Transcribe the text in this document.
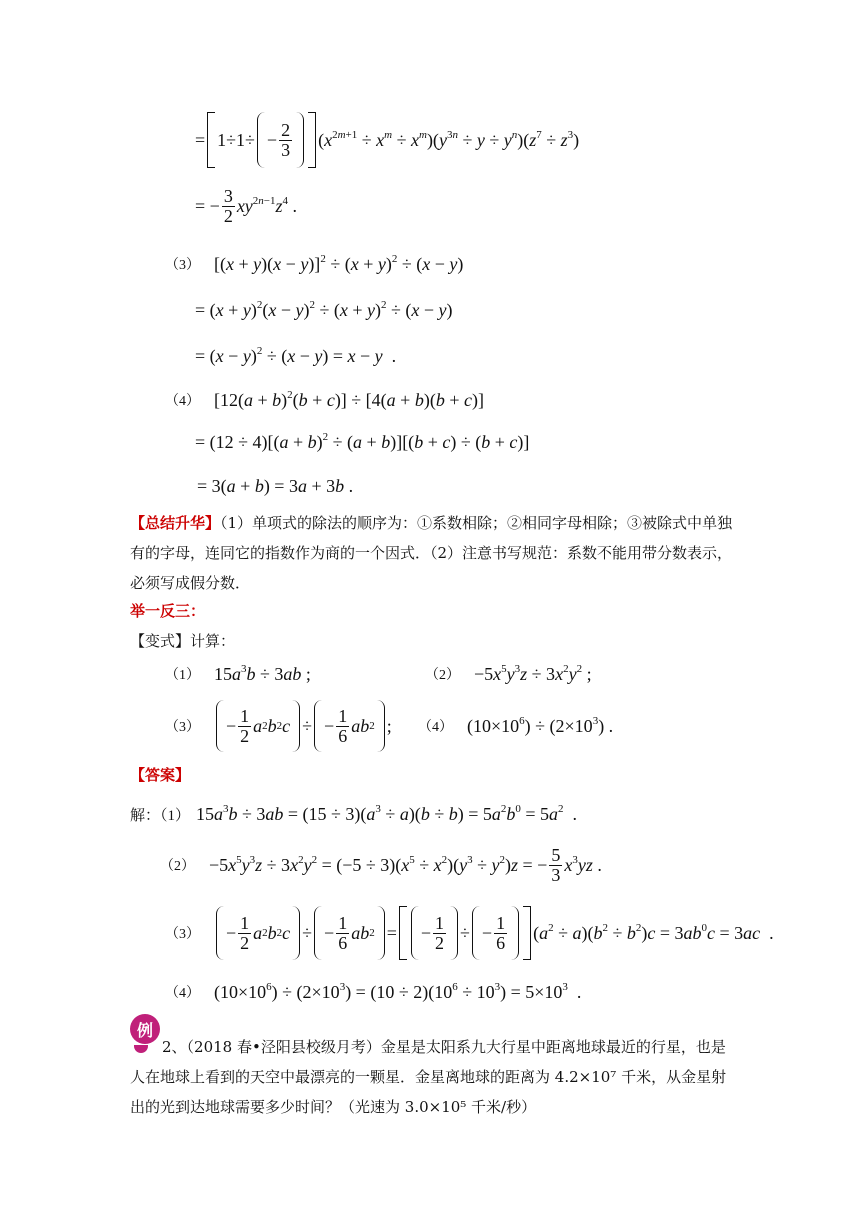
= $1\div 1\div - \frac{2}{3} (x^{2m+1} \div x^m \div x^m)(y^{3n} \div y \div y^n)(z^7 \div z^3)$
= − $\frac{3}{2} xy^{2n-1}z^4$ .
（3） $[(x + y)(x - y)]^2 \div (x + y)^2 \div (x - y)$
= $(x + y)^2(x - y)^2 \div (x + y)^2 \div (x - y)$
= $(x - y)^2 \div (x - y) = x - y$  .
（4） $[12(a + b)^2(b + c)] \div [4(a + b)(b + c)]$
= $(12 \div 4)[(a + b)^2 \div (a + b)][(b + c) \div (b + c)]$
= 3(a + b) = 3a + 3b .
【总结升华】（1）单项式的除法的顺序为：①系数相除；②相同字母相除；③被除式中单独
有的字母，连同它的指数作为商的一个因式．（2）注意书写规范：系数不能用带分数表示，
必须写成假分数．
举一反三：
【变式】计算：
（1） $15a^3b \div 3ab$ ;	$(2) -5x^5y^3z \div 3x^2y^2$ ;
$(3) - \frac{1}{2}$ a 2 b 2 c ÷ − $\frac{1}{6}$ ab 2 ; （4） $(10\times 10^6) \div (2\times 10^3)$ .
【答案】
解：（1） $15a^3b \div 3ab = (15 \div 3)(a^3 \div a)(b \div b) = 5a^2b^0 = 5a^2$  .
$(2) -5x^5y^3z \div 3x^2y^2 = (-5 \div 3)(x^5 \div x^2)(y^3 \div y^2)z$ = − $\frac{5}{3} x^3yz$ .
$(3) - \frac{1}{2}$ a 2 b 2 c ÷ − $\frac{1}{6}$ ab 2 = − $\frac{1}{2}$ ÷ − $\frac{1}{6} (a^2 \div a)(b^2 \div b^2)c = 3ab^0c = 3ac$  .
（4） $(10\times 10^6) \div (2\times 10^3) = (10 \div 2)(10^6 \div 10^3) = 5\times 10^3$  .
例
2、（2018 春•泾阳县校级月考）金星是太阳系九大行星中距离地球最近的行星，也是
人在地球上看到的天空中最漂亮的一颗星．金星离地球的距离为 4.2×10⁷ 千米，从金星射
出的光到达地球需要多少时间？（光速为 3.0×10⁵ 千米/秒）
